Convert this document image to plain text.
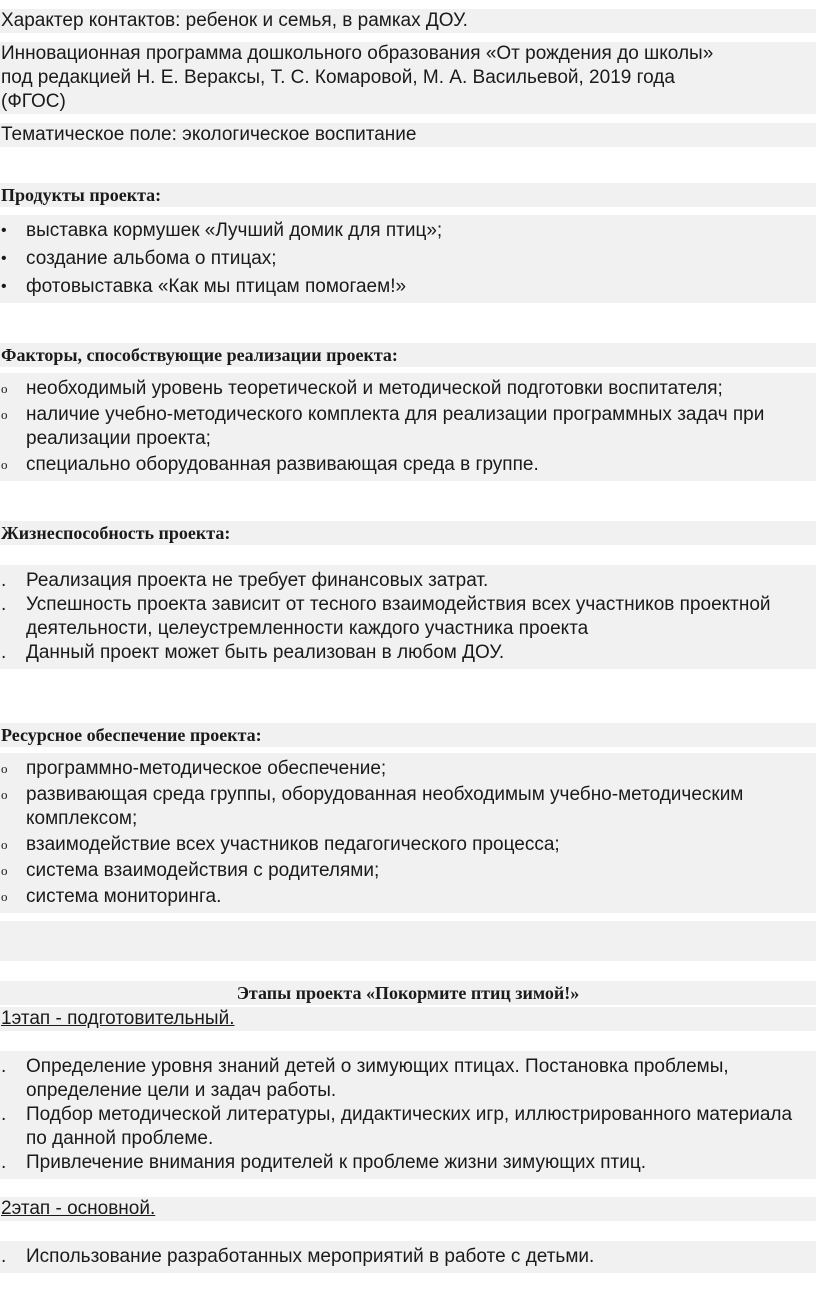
Характер контактов: ребенок и семья, в рамках ДОУ.
Инновационная программа дошкольного образования «От рождения до школы»
под редакцией Н. Е. Вераксы, Т. С. Комаровой, М. А. Васильевой, 2019 года
(ФГОС)
Тематическое поле: экологическое воспитание
Продукты проекта:
•	выставка кормушек «Лучший домик для птиц»;
•	создание альбома о птицах;
•	фотовыставка «Как мы птицам помогаем!»
Факторы, способствующие реализации проекта:
o необходимый уровень теоретической и методической подготовки воспитателя;
o наличие учебно-методического комплекта для реализации программных задач при реализации проекта;
o специально оборудованная развивающая среда в группе.
Жизнеспособность проекта:
.	Реализация проекта не требует финансовых затрат.
.	Успешность проекта зависит от тесного взаимодействия всех участников проектной деятельности, целеустремленности каждого участника проекта
.	Данный проект может быть реализован в любом ДОУ.
Ресурсное обеспечение проекта:
o программно-методическое обеспечение;
o развивающая среда группы, оборудованная необходимым учебно-методическим комплексом;
o взаимодействие всех участников педагогического процесса;
o система взаимодействия с родителями;
o система мониторинга.
Этапы проекта «Покормите птиц зимой!»
1этап - подготовительный.
.	Определение уровня знаний детей о зимующих птицах. Постановка проблемы, определение цели и задач работы.
.	Подбор методической литературы, дидактических игр, иллюстрированного материала по данной проблеме.
.	Привлечение внимания родителей к проблеме жизни зимующих птиц.
2этап - основной.
.	Использование разработанных мероприятий в работе с детьми.
